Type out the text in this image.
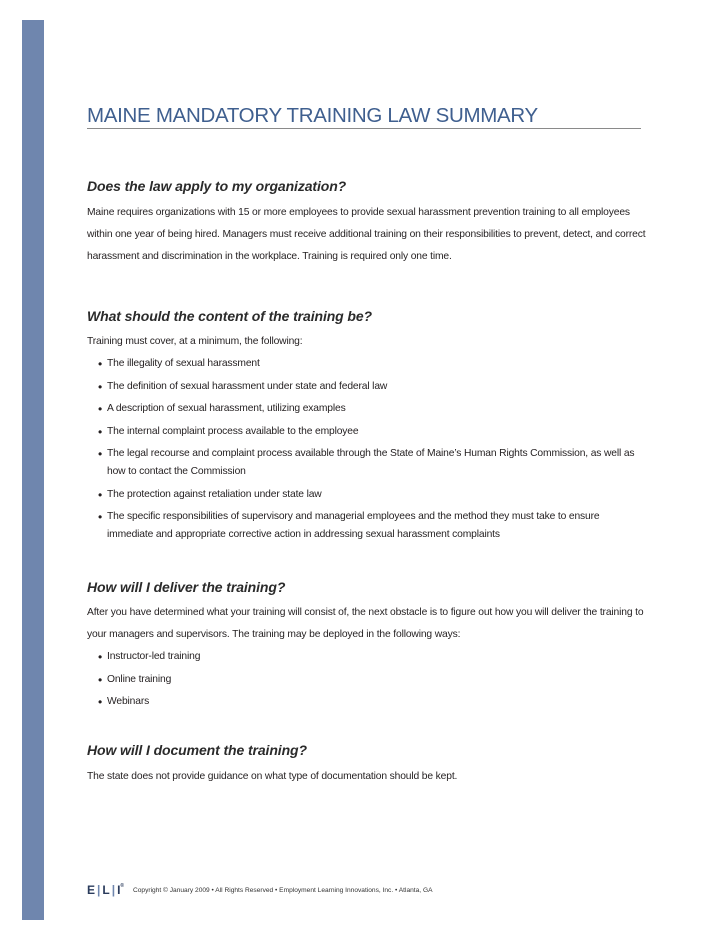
MAINE MANDATORY TRAINING LAW SUMMARY
Does the law apply to my organization?

Maine requires organizations with 15 or more employees to provide sexual harassment prevention training to all employees within one year of being hired. Managers must receive additional training on their responsibilities to prevent, detect, and correct harassment and discrimination in the workplace. Training is required only one time.

What should the content of the training be?

Training must cover, at a minimum, the following:

• The illegality of sexual harassment
• The definition of sexual harassment under state and federal law
• A description of sexual harassment, utilizing examples
• The internal complaint process available to the employee
• The legal recourse and complaint process available through the State of Maine’s Human Rights Commission, as well as how to contact the Commission
• The protection against retaliation under state law
• The specific responsibilities of supervisory and managerial employees and the method they must take to ensure immediate and appropriate corrective action in addressing sexual harassment complaints
How will I deliver the training?

After you have determined what your training will consist of, the next obstacle is to figure out how you will deliver the training to your managers and supervisors. The training may be deployed in the following ways:

• Instructor-led training
• Online training
• Webinars
How will I document the training?

The state does not provide guidance on what type of documentation should be kept.

E | L | I®
Copyright © January 2009 • All Rights Reserved • Employment Learning Innovations, Inc. • Atlanta, GA
